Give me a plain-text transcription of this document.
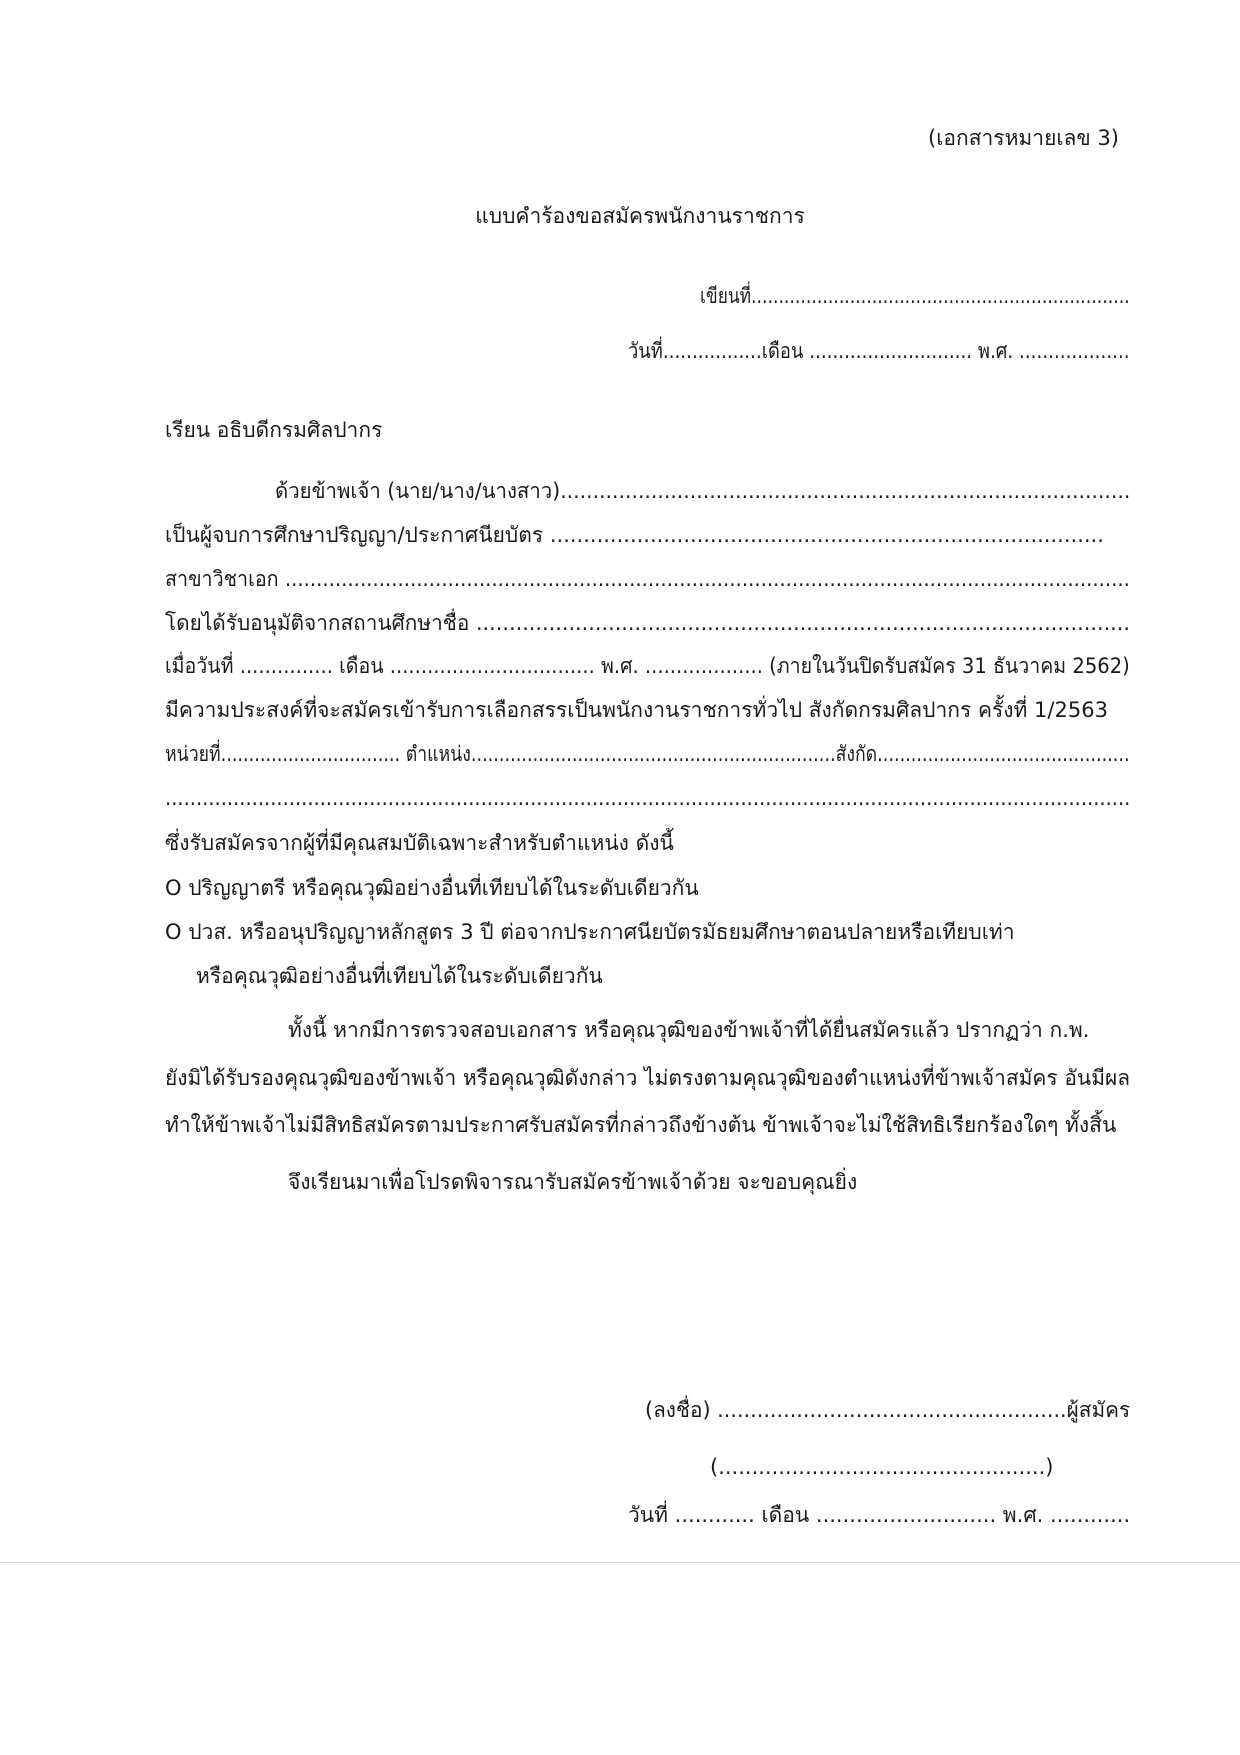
(เอกสารหมายเลข 3)
แบบคำร้องขอสมัครพนักงานราชการ
เขียนที่.....................................................................
วันที่.................เดือน ............................ พ.ศ. ...................
เรียน อธิบดีกรมศิลปากร
ด้วยข้าพเจ้า (นาย/นาง/นางสาว)........................................................................................
เป็นผู้จบการศึกษาปริญญา/ประกาศนียบัตร ...................................................................................
สาขาวิชาเอก .......................................................................................................................................
โดยได้รับอนุมัติจากสถานศึกษาชื่อ ...................................................................................................
เมื่อวันที่ ............... เดือน ................................. พ.ศ. ................... (ภายในวันปิดรับสมัคร 31 ธันวาคม 2562)
มีความประสงค์ที่จะสมัครเข้ารับการเลือกสรรเป็นพนักงานราชการทั่วไป สังกัดกรมศิลปากร ครั้งที่ 1/2563
หน่วยที่................................ ตำแหน่ง.................................................................สังกัด.............................................
............................................................................................................................................................
ซึ่งรับสมัครจากผู้ที่มีคุณสมบัติเฉพาะสำหรับตำแหน่ง ดังนี้
O ปริญญาตรี หรือคุณวุฒิอย่างอื่นที่เทียบได้ในระดับเดียวกัน
O ปวส. หรืออนุปริญญาหลักสูตร 3 ปี ต่อจากประกาศนียบัตรมัธยมศึกษาตอนปลายหรือเทียบเท่า
หรือคุณวุฒิอย่างอื่นที่เทียบได้ในระดับเดียวกัน
ทั้งนี้ หากมีการตรวจสอบเอกสาร หรือคุณวุฒิของข้าพเจ้าที่ได้ยื่นสมัครแล้ว ปรากฏว่า ก.พ.
ยังมิได้รับรองคุณวุฒิของข้าพเจ้า หรือคุณวุฒิดังกล่าว ไม่ตรงตามคุณวุฒิของตำแหน่งที่ข้าพเจ้าสมัคร อันมีผล
ทำให้ข้าพเจ้าไม่มีสิทธิสมัครตามประกาศรับสมัครที่กล่าวถึงข้างต้น ข้าพเจ้าจะไม่ใช้สิทธิเรียกร้องใดๆ ทั้งสิ้น
จึงเรียนมาเพื่อโปรดพิจารณารับสมัครข้าพเจ้าด้วย จะขอบคุณยิ่ง
(ลงชื่อ) .....................................................ผู้สมัคร
(.................................................)
วันที่ ............ เดือน ........................... พ.ศ. ............
